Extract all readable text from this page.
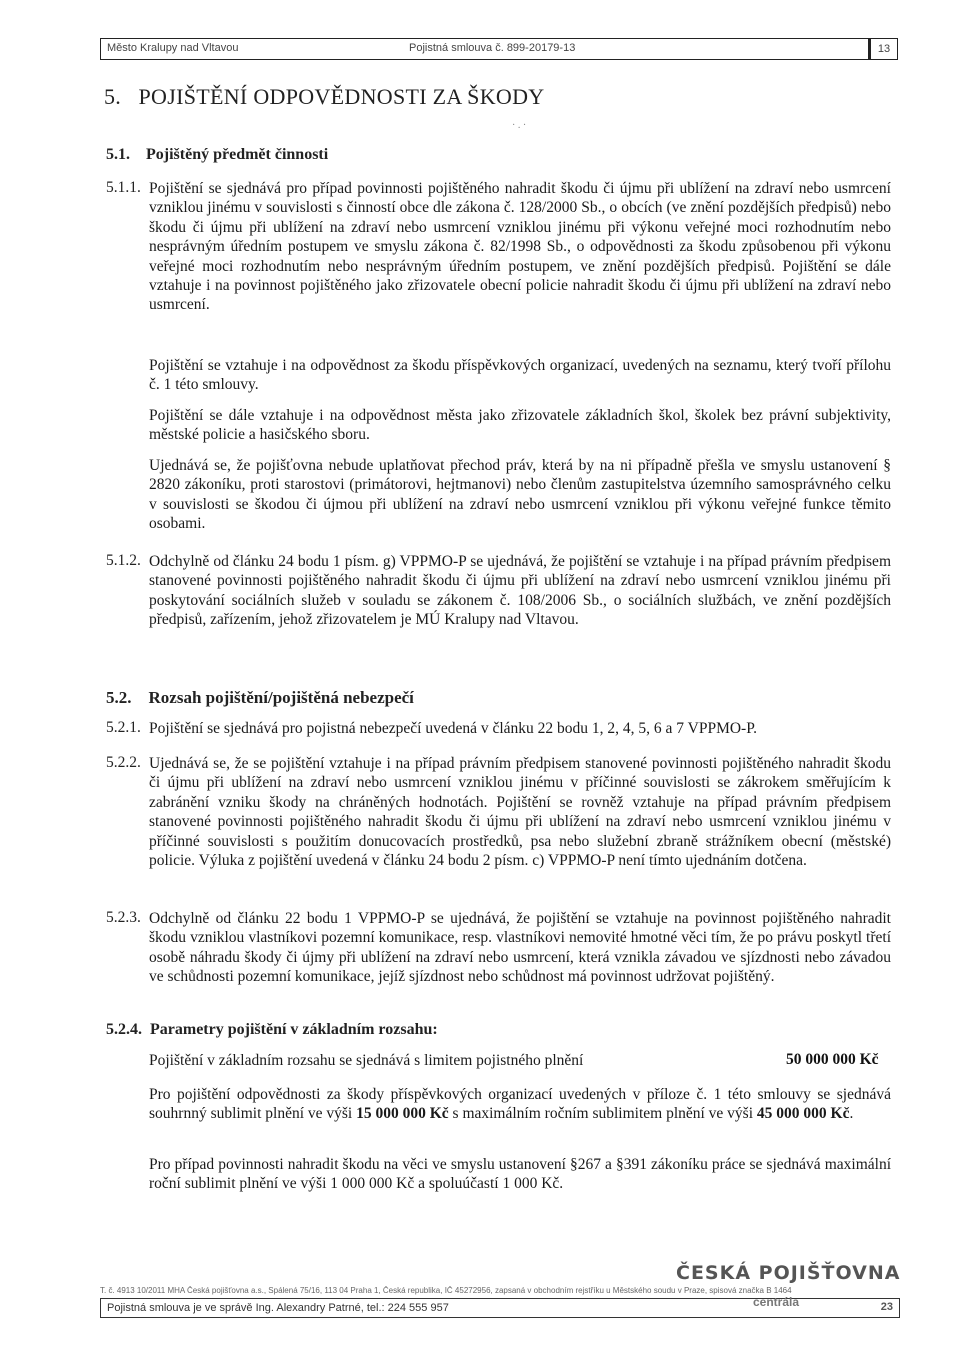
Město Kralupy nad Vltavou	Pojistná smlouva č. 899-20179-13	13
5. POJIŠTĚNÍ ODPOVĚDNOSTI ZA ŠKODY
5.1. Pojištěný předmět činnosti
· . ·
5.1.1. Pojištění se sjednává pro případ povinnosti pojištěného nahradit škodu či újmu při ublížení na zdraví nebo usmrcení vzniklou jinému v souvislosti s činností obce dle zákona č. 128/2000 Sb., o obcích (ve znění pozdějších předpisů) nebo škodu či újmu při ublížení na zdraví nebo usmrcení vzniklou jinému při výkonu veřejné moci rozhodnutím nebo nesprávným úředním postupem ve smyslu zákona č. 82/1998 Sb., o odpovědnosti za škodu způsobenou při výkonu veřejné moci rozhodnutím nebo nesprávným úředním postupem, ve znění pozdějších předpisů. Pojištění se dále vztahuje i na povinnost pojištěného jako zřizovatele obecní policie nahradit škodu či újmu při ublížení na zdraví nebo usmrcení.
Pojištění se vztahuje i na odpovědnost za škodu příspěvkových organizací, uvedených na seznamu, který tvoří přílohu č. 1 této smlouvy.
Pojištění se dále vztahuje i na odpovědnost města jako zřizovatele základních škol, školek bez právní subjektivity, městské policie a hasičského sboru.
Ujednává se, že pojišťovna nebude uplatňovat přechod práv, která by na ni případně přešla ve smyslu ustanovení § 2820 zákoníku, proti starostovi (primátorovi, hejtmanovi) nebo členům zastupitelstva územního samosprávného celku v souvislosti se škodou či újmou při ublížení na zdraví nebo usmrcení vzniklou při výkonu veřejné funkce těmito osobami.
5.1.2. Odchylně od článku 24 bodu 1 písm. g) VPPMO-P se ujednává, že pojištění se vztahuje i na případ právním předpisem stanovené povinnosti pojištěného nahradit škodu či újmu při ublížení na zdraví nebo usmrcení vzniklou jinému při poskytování sociálních služeb v souladu se zákonem č. 108/2006 Sb., o sociálních službách, ve znění pozdějších předpisů, zařízením, jehož zřizovatelem je MÚ Kralupy nad Vltavou.
5.2. Rozsah pojištění/pojištěná nebezpečí
5.2.1. Pojištění se sjednává pro pojistná nebezpečí uvedená v článku 22 bodu 1, 2, 4, 5, 6 a 7 VPPMO-P.
5.2.2. Ujednává se, že se pojištění vztahuje i na případ právním předpisem stanovené povinnosti pojištěného nahradit škodu či újmu při ublížení na zdraví nebo usmrcení vzniklou jinému v příčinné souvislosti se zákrokem směřujícím k zabránění vzniku škody na chráněných hodnotách. Pojištění se rovněž vztahuje na případ právním předpisem stanovené povinnosti pojištěného nahradit škodu či újmu při ublížení na zdraví nebo usmrcení vzniklou jinému v příčinné souvislosti s použitím donucovacích prostředků, psa nebo služební zbraně strážníkem obecní (městské) policie. Výluka z pojištění uvedená v článku 24 bodu 2 písm. c) VPPMO-P není tímto ujednáním dotčena.
5.2.3. Odchylně od článku 22 bodu 1 VPPMO-P se ujednává, že pojištění se vztahuje na povinnost pojištěného nahradit škodu vzniklou vlastníkovi pozemní komunikace, resp. vlastníkovi nemovité hmotné věci tím, že po právu poskytl třetí osobě náhradu škody či újmy při ublížení na zdraví nebo usmrcení, která vznikla závadou ve sjízdnosti nebo závadou ve schůdnosti pozemní komunikace, jejíž sjízdnost nebo schůdnost má povinnost udržovat pojištěný.
5.2.4. Parametry pojištění v základním rozsahu:
Pojištění v základním rozsahu se sjednává s limitem pojistného plnění	50 000 000 Kč
Pro pojištění odpovědnosti za škody příspěvkových organizací uvedených v příloze č. 1 této smlouvy se sjednává souhrnný sublimit plnění ve výši 15 000 000 Kč s maximálním ročním sublimitem plnění ve výši 45 000 000 Kč.
Pro případ povinnosti nahradit škodu na věci ve smyslu ustanovení §267 a §391 zákoníku práce se sjednává maximální roční sublimit plnění ve výši 1 000 000 Kč a spoluúčastí 1 000 Kč.
ČESKÁ POJIŠŤOVNA
T. č. 4913 10/2011 MHA Česká pojišťovna a.s., Spálená 75/16, 113 04 Praha 1, Česká republika, IČ 45272956, zapsaná v obchodním rejstříku u Městského soudu v Praze, spisová značka B 1464
Pojistná smlouva je ve správě Ing. Alexandry Patrné, tel.: 224 555 957	23
centrála
